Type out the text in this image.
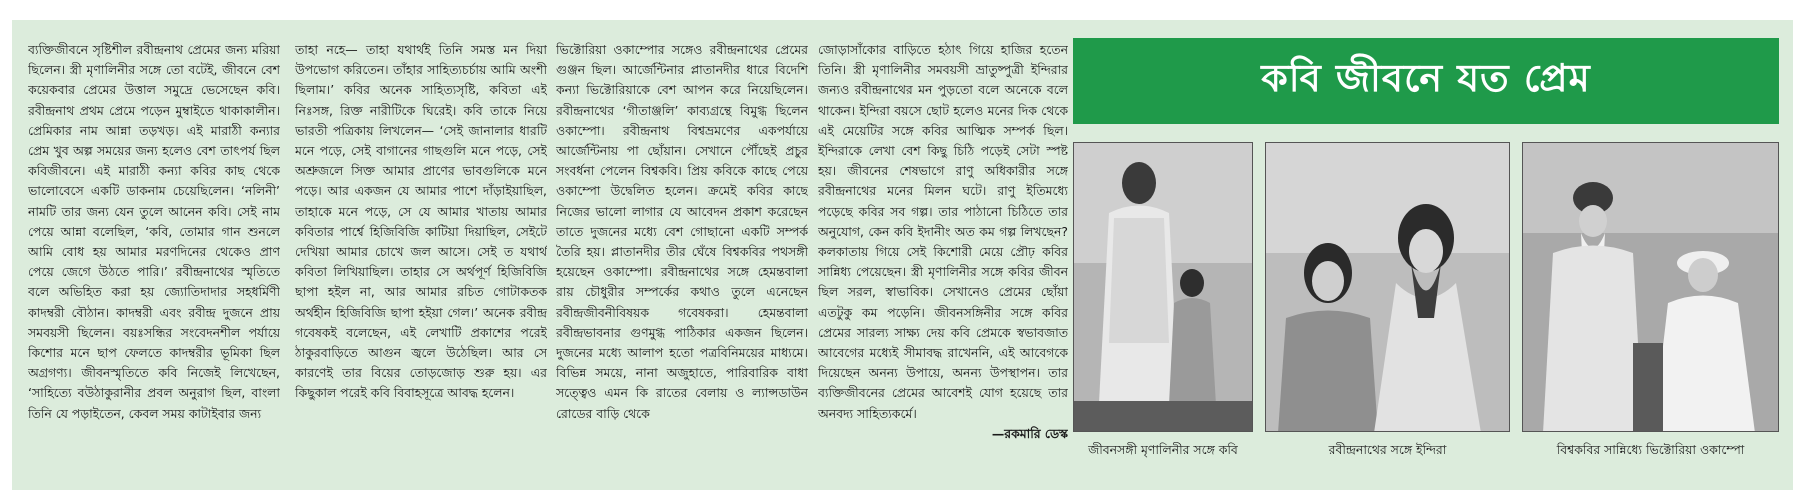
ব্যক্তিজীবনে সৃষ্টিশীল রবীন্দ্রনাথ প্রেমের জন্য মরিয়া ছিলেন। স্ত্রী মৃণালিনীর সঙ্গে তো বটেই, জীবনে বেশ কয়েকবার প্রেমের উত্তাল সমুদ্রে ভেসেছেন কবি। রবীন্দ্রনাথ প্রথম প্রেমে পড়েন মুম্বাইতে থাকাকালীন। প্রেমিকার নাম আন্না তড়খড়। এই মারাঠী কন্যার প্রেম খুব অল্প সময়ের জন্য হলেও বেশ তাৎপর্য ছিল কবিজীবনে। এই মারাঠী কন্যা কবির কাছ থেকে ভালোবেসে একটি ডাকনাম চেয়েছিলেন। ‘নলিনী’ নামটি তার জন্য যেন তুলে আনেন কবি। সেই নাম পেয়ে আন্না বলেছিল, ‘কবি, তোমার গান শুনলে আমি বোধ হয় আমার মরণদিনের থেকেও প্রাণ পেয়ে জেগে উঠতে পারি।’ রবীন্দ্রনাথের স্মৃতিতে বলে অভিহিত করা হয় জ্যোতিদাদার সহধর্মিণী কাদম্বরী বৌঠান। কাদম্বরী এবং রবীন্দ্র দুজনে প্রায় সমবয়সী ছিলেন। বয়ঃসন্ধির সংবেদনশীল পর্যায়ে কিশোর মনে ছাপ ফেলতে কাদম্বরীর ভূমিকা ছিল অগ্রগণ্য। জীবনস্মৃতিতে কবি নিজেই লিখেছেন, ‘সাহিত্যে বউঠাকুরানীর প্রবল অনুরাগ ছিল, বাংলা তিনি যে পড়াইতেন, কেবল সময় কাটাইবার জন্য

তাহা নহে— তাহা যথার্থই তিনি সমস্ত মন দিয়া উপভোগ করিতেন। তাঁহার সাহিত্যচর্চায় আমি অংশী ছিলাম।’ কবির অনেক সাহিত্যসৃষ্টি, কবিতা এই নিঃসঙ্গ, রিক্ত নারীটিকে ঘিরেই। কবি তাকে নিয়ে ভারতী পত্রিকায় লিখলেন— ‘সেই জানালার ধারটি মনে পড়ে, সেই বাগানের গাছগুলি মনে পড়ে, সেই অশ্রুজলে সিক্ত আমার প্রাণের ভাবগুলিকে মনে পড়ে। আর একজন যে আমার পাশে দাঁড়াইয়াছিল, তাহাকে মনে পড়ে, সে যে আমার খাতায় আমার কবিতার পার্শ্বে হিজিবিজি কাটিয়া দিয়াছিল, সেইটে দেখিয়া আমার চোখে জল আসে। সেই ত যথার্থ কবিতা লিখিয়াছিল। তাহার সে অর্থপূর্ণ হিজিবিজি ছাপা হইল না, আর আমার রচিত গোটাকতক অর্থহীন হিজিবিজি ছাপা হইয়া গেল।’ অনেক রবীন্দ্র গবেষকই বলেছেন, এই লেখাটি প্রকাশের পরেই ঠাকুরবাড়িতে আগুন জ্বলে উঠেছিল। আর সে কারণেই তার বিয়ের তোড়জোড় শুরু হয়। এর কিছুকাল পরেই কবি বিবাহসূত্রে আবদ্ধ হলেন।

ভিক্টোরিয়া ওকাম্পোর সঙ্গেও রবীন্দ্রনাথের প্রেমের গুঞ্জন ছিল। আর্জেন্টিনার প্লাতানদীর ধারে বিদেশি কন্যা ভিক্টোরিয়াকে বেশ আপন করে নিয়েছিলেন। রবীন্দ্রনাথের ‘গীতাঞ্জলি’ কাব্যগ্রন্থে বিমুগ্ধ ছিলেন ওকাম্পো। রবীন্দ্রনাথ বিশ্বভ্রমণের একপর্যায়ে আর্জেন্টিনায় পা ছোঁয়ান। সেখানে পৌঁছেই প্রচুর সংবর্ধনা পেলেন বিশ্বকবি। প্রিয় কবিকে কাছে পেয়ে ওকাম্পো উদ্বেলিত হলেন। ক্রমেই কবির কাছে নিজের ভালো লাগার যে আবেদন প্রকাশ করেছেন তাতে দুজনের মধ্যে বেশ গোছানো একটি সম্পর্ক তৈরি হয়। প্লাতানদীর তীর ঘেঁষে বিশ্বকবির পথসঙ্গী হয়েছেন ওকাম্পো। রবীন্দ্রনাথের সঙ্গে হেমন্তবালা রায় চৌধুরীর সম্পর্কের কথাও তুলে এনেছেন রবীন্দ্রজীবনীবিষয়ক গবেষকরা। হেমন্তবালা রবীন্দ্রভাবনার গুণমুগ্ধ পাঠিকার একজন ছিলেন। দুজনের মধ্যে আলাপ হতো পত্রবিনিময়ের মাধ্যমে। বিভিন্ন সময়ে, নানা অজুহাতে, পারিবারিক বাধা সত্ত্বেও এমন কি রাতের বেলায় ও ল্যান্সডাউন রোডের বাড়ি থেকে

জোড়াসাঁকোর বাড়িতে হঠাৎ গিয়ে হাজির হতেন তিনি। স্ত্রী মৃণালিনীর সমবয়সী ভ্রাতুষ্পুত্রী ইন্দিরার জন্যও রবীন্দ্রনাথের মন পুড়তো বলে অনেকে বলে থাকেন। ইন্দিরা বয়সে ছোট হলেও মনের দিক থেকে এই মেয়েটির সঙ্গে কবির আত্মিক সম্পর্ক ছিল। ইন্দিরাকে লেখা বেশ কিছু চিঠি পড়েই সেটা স্পষ্ট হয়। জীবনের শেষভাগে রাণু অধিকারীর সঙ্গে রবীন্দ্রনাথের মনের মিলন ঘটে। রাণু ইতিমধ্যে পড়েছে কবির সব গল্প। তার পাঠানো চিঠিতে তার অনুযোগ, কেন কবি ইদানীং অত কম গল্প লিখছেন? কলকাতায় গিয়ে সেই কিশোরী মেয়ে প্রৌঢ় কবির সান্নিধ্য পেয়েছেন। স্ত্রী মৃণালিনীর সঙ্গে কবির জীবন ছিল সরল, স্বাভাবিক। সেখানেও প্রেমের ছোঁয়া এতটুকু কম পড়েনি। জীবনসঙ্গিনীর সঙ্গে কবির প্রেমের সারল্য সাক্ষ্য দেয় কবি প্রেমকে স্বভাবজাত আবেগের মধ্যেই সীমাবদ্ধ রাখেননি, এই আবেগকে দিয়েছেন অনন্য উপায়ে, অনন্য উপস্থাপন। তার ব্যক্তিজীবনের প্রেমের আবেশই যোগ হয়েছে তার অনবদ্য সাহিত্যকর্মে।

—রকমারি ডেস্ক

কবি জীবনে যত প্রেম
জীবনসঙ্গী মৃণালিনীর সঙ্গে কবি	রবীন্দ্রনাথের সঙ্গে ইন্দিরা	বিশ্বকবির সান্নিধ্যে ভিক্টোরিয়া ওকাম্পো
